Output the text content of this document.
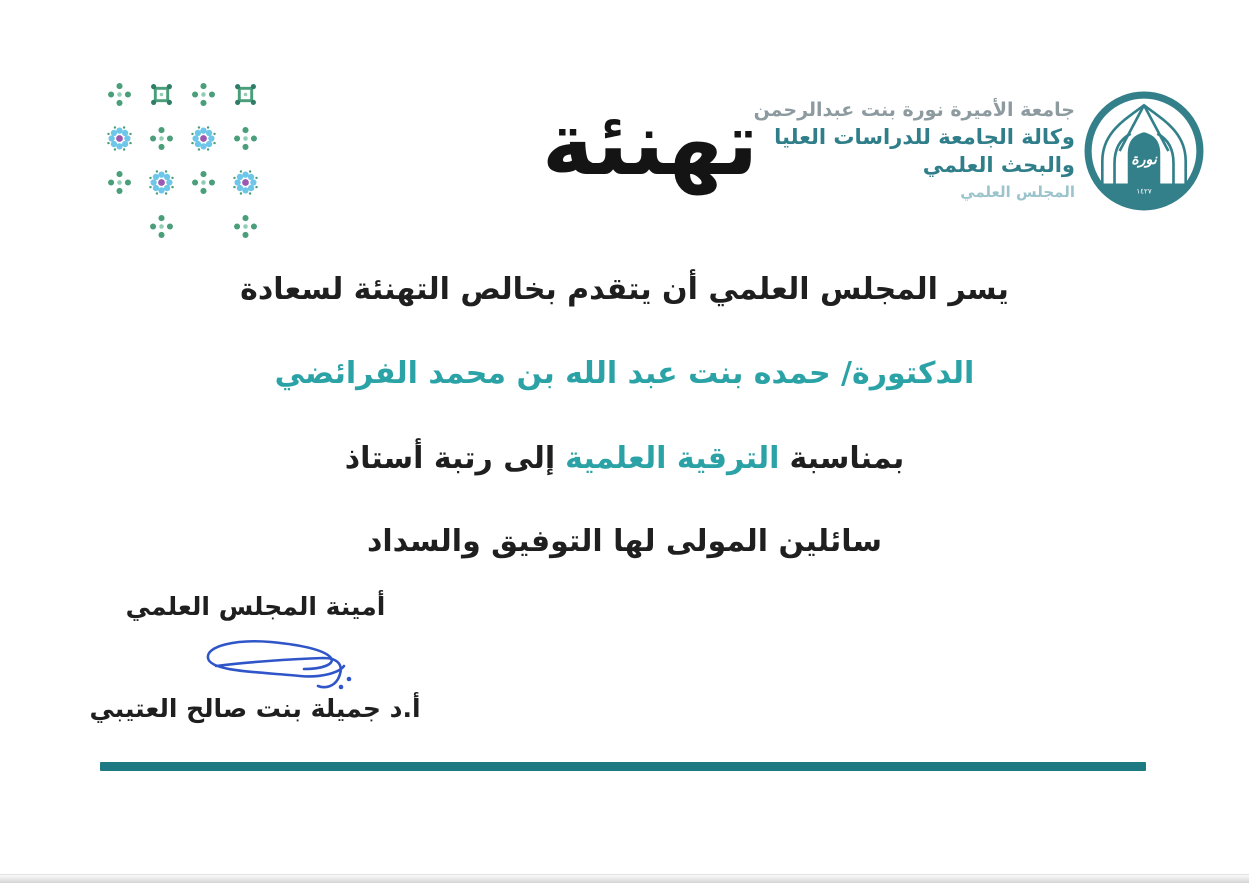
تهنئة
جامعة الأميرة نورة بنت عبدالرحمن
وكالة الجامعة للدراسات العليا
والبحث العلمي
المجلس العلمي
نورة
١٤٢٧
يسر المجلس العلمي أن يتقدم بخالص التهنئة لسعادة
الدكتورة/ حمده بنت عبد الله بن محمد الفرائضي
بمناسبةالترقية العلميةإلى رتبة أستاذ
سائلين المولى لها التوفيق والسداد
أمينة المجلس العلمي
أ.د جميلة بنت صالح العتيبي
